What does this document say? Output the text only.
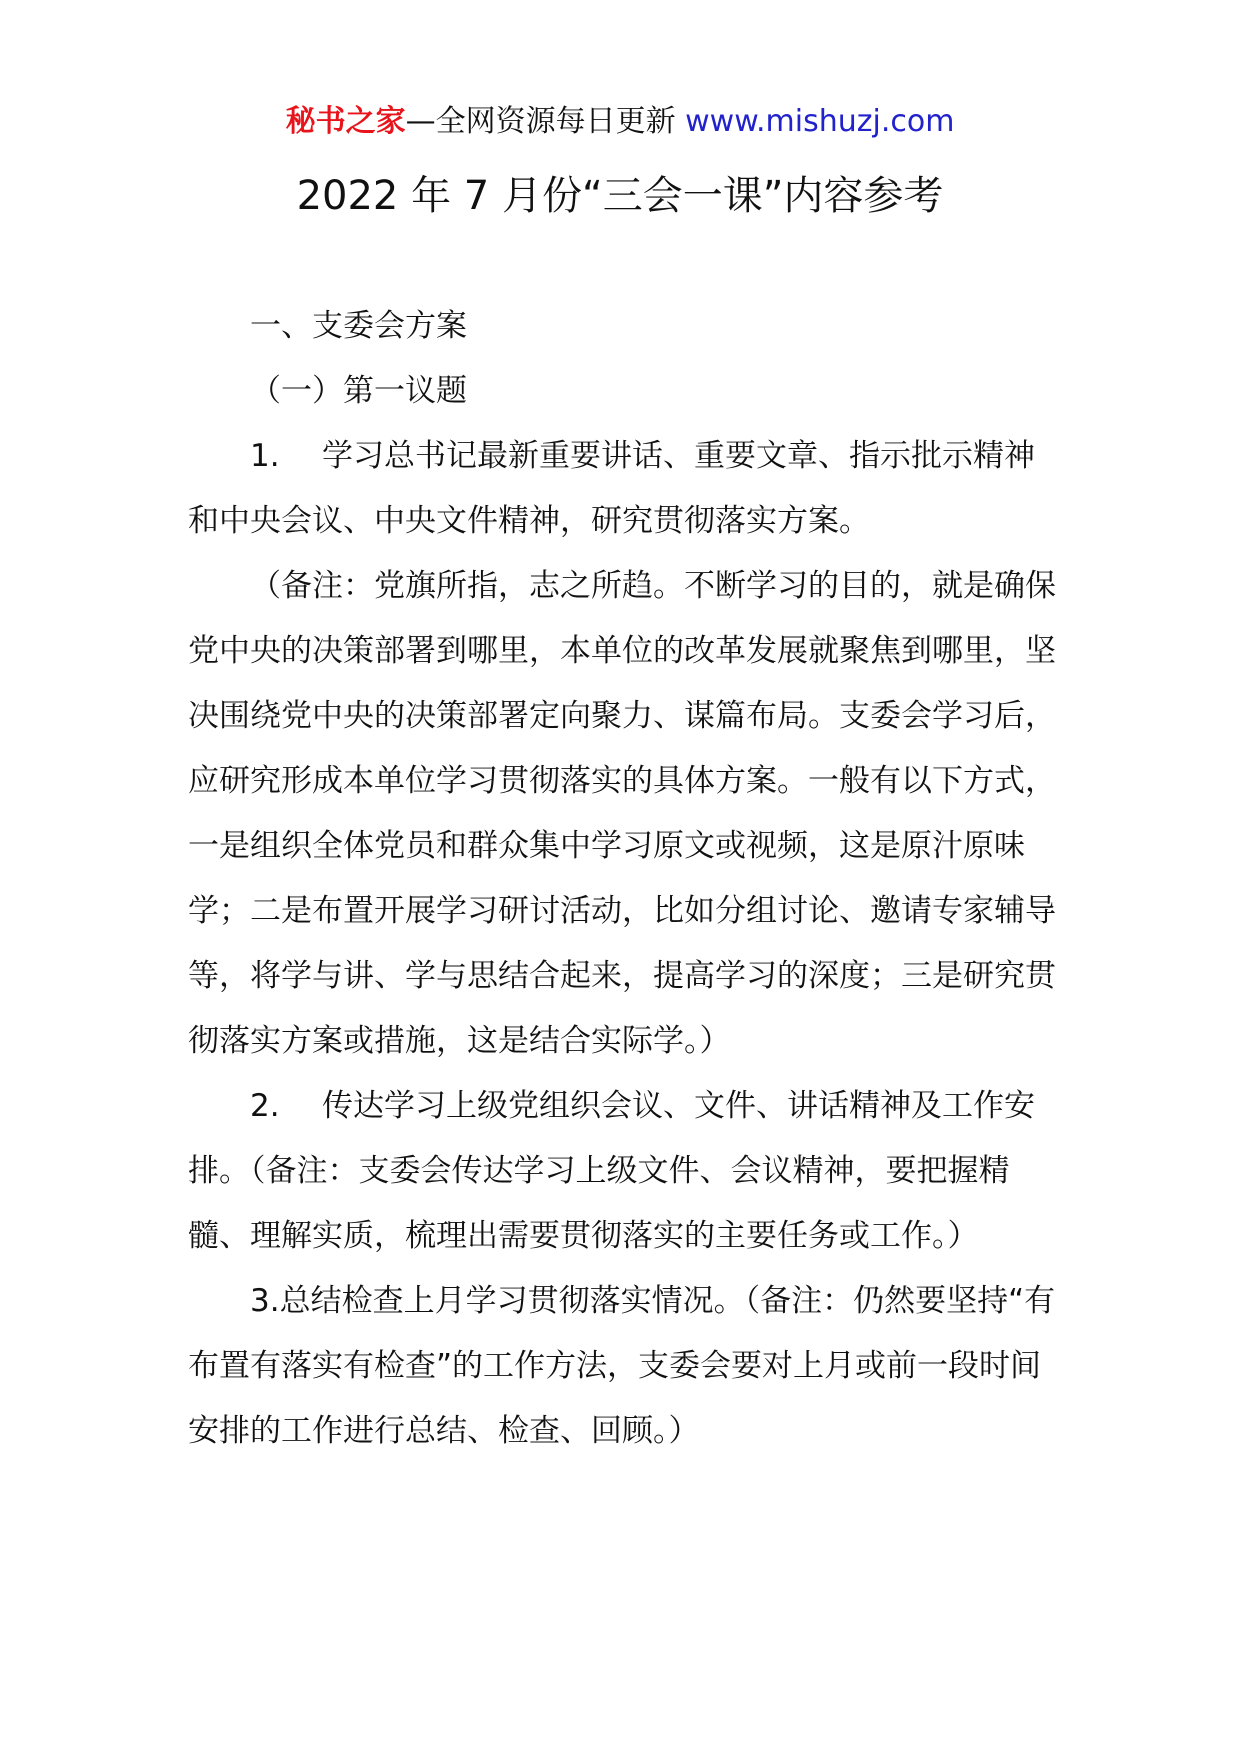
秘书之家—全网资源每日更新 www.mishuzj.com
2022 年 7 月份“三会一课”内容参考

一、支委会方案

（一）第一议题

1. 学习总书记最新重要讲话、重要文章、指示批示精神和中央会议、中央文件精神，研究贯彻落实方案。

（备注：党旗所指，志之所趋。不断学习的目的，就是确保党中央的决策部署到哪里，本单位的改革发展就聚焦到哪里，坚决围绕党中央的决策部署定向聚力、谋篇布局。支委会学习后，应研究形成本单位学习贯彻落实的具体方案。一般有以下方式，一是组织全体党员和群众集中学习原文或视频，这是原汁原味学；二是布置开展学习研讨活动，比如分组讨论、邀请专家辅导等，将学与讲、学与思结合起来，提高学习的深度；三是研究贯彻落实方案或措施，这是结合实际学。）

2. 传达学习上级党组织会议、文件、讲话精神及工作安排。（备注：支委会传达学习上级文件、会议精神，要把握精髓、理解实质，梳理出需要贯彻落实的主要任务或工作。）

3.总结检查上月学习贯彻落实情况。（备注：仍然要坚持“有布置有落实有检查”的工作方法，支委会要对上月或前一段时间安排的工作进行总结、检查、回顾。）
